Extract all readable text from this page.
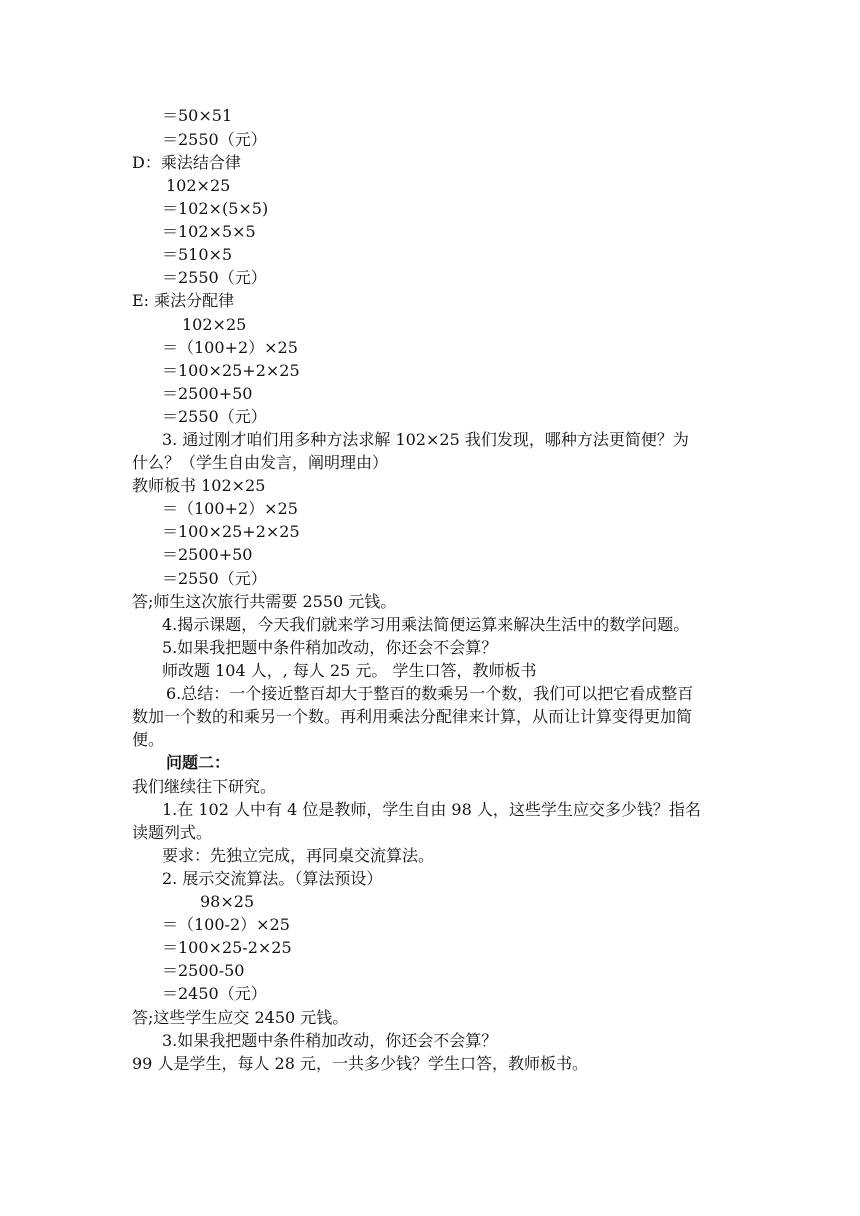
＝50×51
＝2550（元）
D：乘法结合律
102×25
＝102×(5×5)
＝102×5×5
＝510×5
＝2550（元）
E: 乘法分配律
102×25
＝（100+2）×25
＝100×25+2×25
＝2500+50
＝2550（元）
3. 通过刚才咱们用多种方法求解 102×25 我们发现，哪种方法更简便？为
什么？（学生自由发言，阐明理由）
教师板书 102×25
＝（100+2）×25
＝100×25+2×25
＝2500+50
＝2550（元）
答;师生这次旅行共需要 2550 元钱。
4.揭示课题，今天我们就来学习用乘法简便运算来解决生活中的数学问题。
5.如果我把题中条件稍加改动，你还会不会算？
师改题 104 人，, 每人 25 元。 学生口答，教师板书
6.总结：一个接近整百却大于整百的数乘另一个数，我们可以把它看成整百
数加一个数的和乘另一个数。再利用乘法分配律来计算，从而让计算变得更加简
便。
问题二：
我们继续往下研究。
1.在 102 人中有 4 位是教师，学生自由 98 人，这些学生应交多少钱？指名
读题列式。
要求：先独立完成，再同桌交流算法。
2. 展示交流算法。（算法预设）
98×25
＝（100-2）×25
＝100×25-2×25
＝2500-50
＝2450（元）
答;这些学生应交 2450 元钱。
3.如果我把题中条件稍加改动，你还会不会算？
99 人是学生，每人 28 元，一共多少钱？学生口答，教师板书。
